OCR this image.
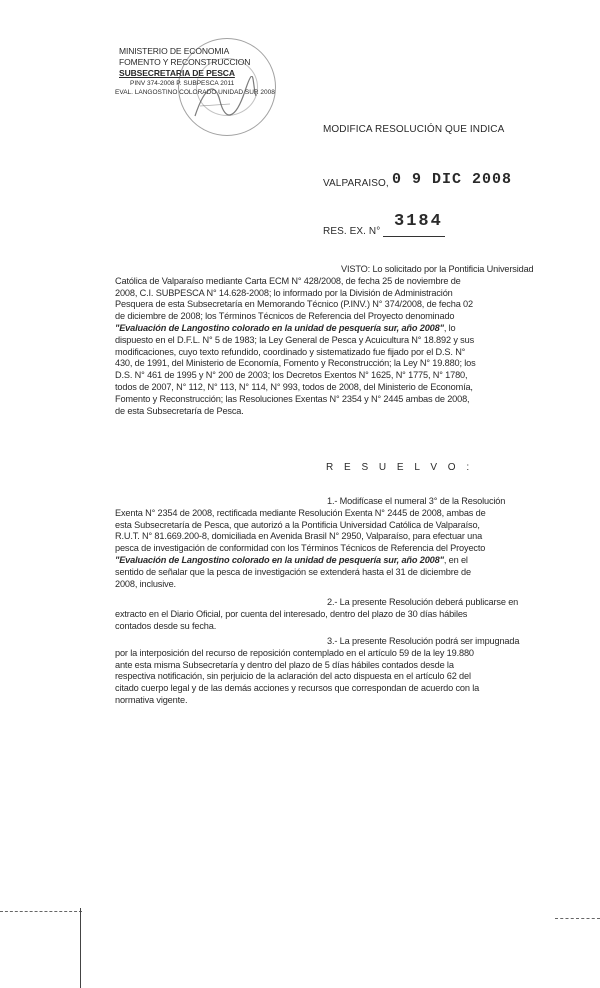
MINISTERIO DE ECONOMIA
FOMENTO Y RECONSTRUCCION
SUBSECRETARIA DE PESCA
PINV 374-2008 P. SUBPESCA 2011
EVAL. LANGOSTINO COLORADO UNIDAD SUR 2008
MODIFICA RESOLUCIÓN QUE INDICA
VALPARAISO, 0 9 DIC 2008
RES. EX. N°
3184
VISTO: Lo solicitado por la Pontificia Universidad
Católica de Valparaíso mediante Carta ECM N° 428/2008, de fecha 25 de noviembre de
2008, C.I. SUBPESCA N° 14.628-2008; lo informado por la División de Administración
Pesquera de esta Subsecretaría en Memorando Técnico (P.INV.) N° 374/2008, de fecha 02
de diciembre de 2008; los Términos Técnicos de Referencia del Proyecto denominado
"Evaluación de Langostino colorado en la unidad de pesquería sur, año 2008", lo
dispuesto en el D.F.L. N° 5 de 1983; la Ley General de Pesca y Acuicultura N° 18.892 y sus
modificaciones, cuyo texto refundido, coordinado y sistematizado fue fijado por el D.S. N°
430, de 1991, del Ministerio de Economía, Fomento y Reconstrucción; la Ley N° 19.880; los
D.S. N° 461 de 1995 y N° 200 de 2003; los Decretos Exentos N° 1625, N° 1775, N° 1780,
todos de 2007, N° 112, N° 113, N° 114, N° 993, todos de 2008, del Ministerio de Economía,
Fomento y Reconstrucción; las Resoluciones Exentas N° 2354 y N° 2445 ambas de 2008,
de esta Subsecretaría de Pesca.
R E S U E L V O :
1.- Modifícase el numeral 3° de la Resolución
Exenta N° 2354 de 2008, rectificada mediante Resolución Exenta N° 2445 de 2008, ambas de
esta Subsecretaría de Pesca, que autorizó a la Pontificia Universidad Católica de Valparaíso,
R.U.T. N° 81.669.200-8, domiciliada en Avenida Brasil N° 2950, Valparaíso, para efectuar una
pesca de investigación de conformidad con los Términos Técnicos de Referencia del Proyecto
"Evaluación de Langostino colorado en la unidad de pesquería sur, año 2008", en el
sentido de señalar que la pesca de investigación se extenderá hasta el 31 de diciembre de
2008, inclusive.
2.- La presente Resolución deberá publicarse en
extracto en el Diario Oficial, por cuenta del interesado, dentro del plazo de 30 días hábiles
contados desde su fecha.
3.- La presente Resolución podrá ser impugnada
por la interposición del recurso de reposición contemplado en el artículo 59 de la ley 19.880
ante esta misma Subsecretaría y dentro del plazo de 5 días hábiles contados desde la
respectiva notificación, sin perjuicio de la aclaración del acto dispuesta en el artículo 62 del
citado cuerpo legal y de las demás acciones y recursos que correspondan de acuerdo con la
normativa vigente.
